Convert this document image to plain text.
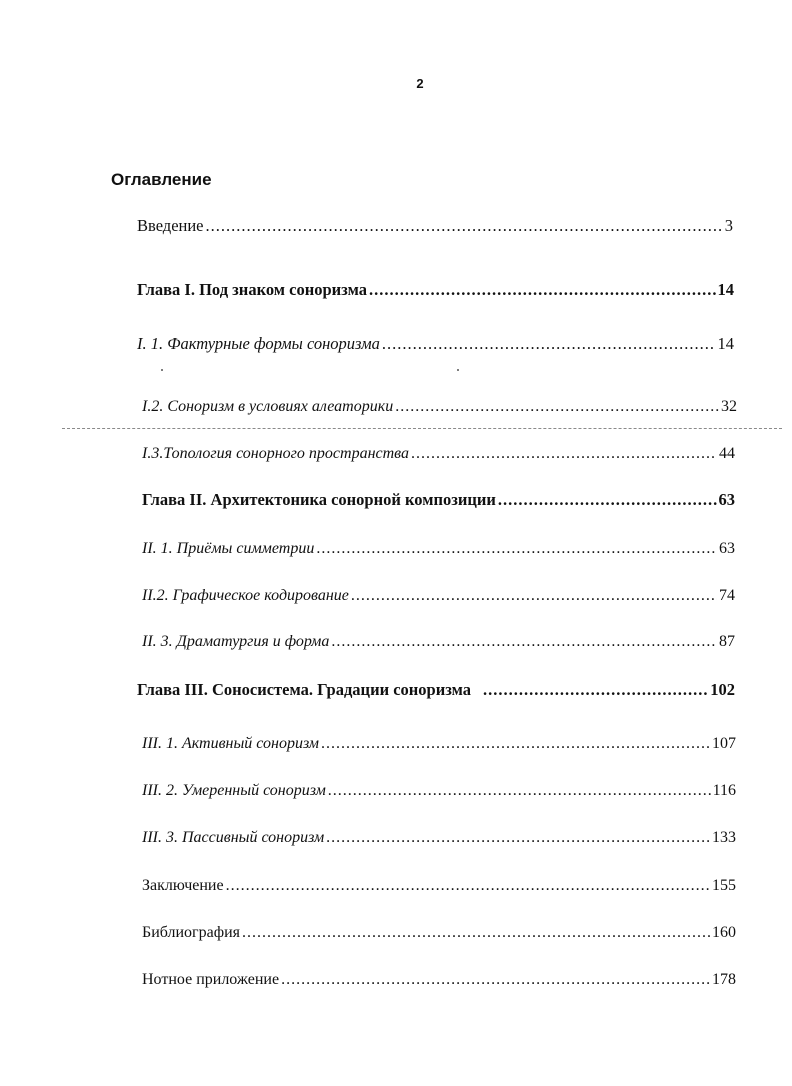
2
Оглавление
Введение .....	3
Глава I. Под знаком соноризма .....	14
I. 1. Фактурные формы соноризма .....	14
I.2. Соноризм в условиях алеаторики .....	32
I.3.Топология сонорного пространства .....	44
Глава II. Архитектоника сонорной композиции .....	63
II. 1. Приёмы симметрии .....	63
II.2. Графическое кодирование .....	74
II. 3. Драматургия и форма .....	87
Глава III. Соносистема. Градации соноризма .....	102
III. 1. Активный соноризм .....	107
III. 2. Умеренный соноризм .....	116
III. 3. Пассивный соноризм .....	133
Заключение .....	155
Библиография .....	160
Нотное приложение .....	178
